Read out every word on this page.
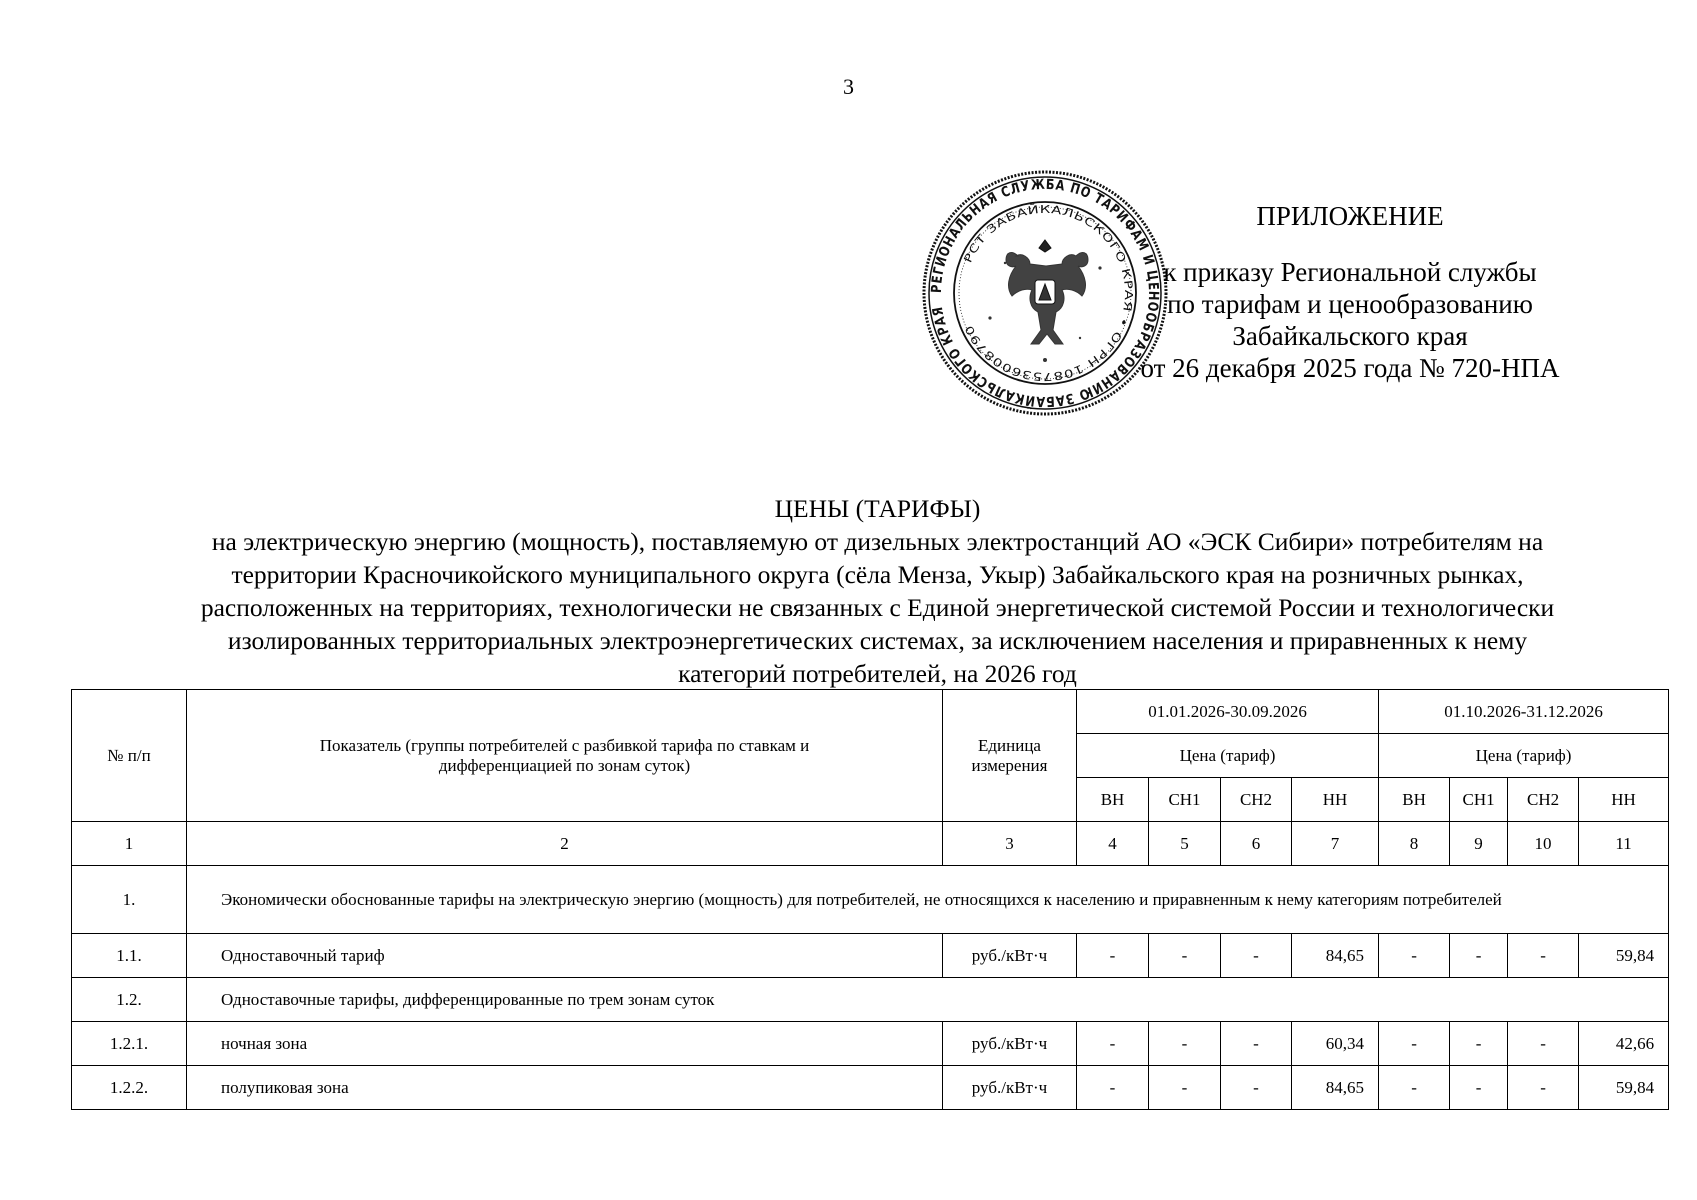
3
РЕГИОНАЛЬНАЯ СЛУЖБА ПО ТАРИФАМ И ЦЕНООБРАЗОВАНИЮ ЗАБАЙКАЛЬСКОГО КРАЯ
РСТ ЗАБАЙКАЛЬСКОГО КРАЯ • ОГРН 1087536008790
ПРИЛОЖЕНИЕ
к приказу Региональной службы
по тарифам и ценообразованию
Забайкальского края
от 26 декабря 2025 года № 720-НПА
ЦЕНЫ (ТАРИФЫ)
на электрическую энергию (мощность), поставляемую от дизельных электростанций АО «ЭСК Сибири» потребителям на
территории Красночикойского муниципального округа (сёла Менза, Укыр) Забайкальского края на розничных рынках,
расположенных на территориях, технологически не связанных с Единой энергетической системой России и технологически
изолированных территориальных электроэнергетических системах, за исключением населения и приравненных к нему
категорий потребителей, на 2026 год
№ п/п	Показатель (группы потребителей с разбивкой тарифа по ставкам и дифференциацией по зонам суток)	Единица измерения	01.01.2026-30.09.2026				01.10.2026-31.12.2026			
			Цена (тариф)				Цена (тариф)			
			ВН	СН1	СН2	НН	ВН	СН1	СН2	НН
1	2	3	4	5	6	7	8	9	10	11
1.	Экономически обоснованные тарифы на электрическую энергию (мощность) для потребителей, не относящихся к населению и приравненным к нему категориям потребителей									
1.1.	Одноставочный тариф	руб./кВт·ч	-	-	-	84,65	-	-	-	59,84
1.2.	Одноставочные тарифы, дифференцированные по трем зонам суток									
1.2.1.	ночная зона	руб./кВт·ч	-	-	-	60,34	-	-	-	42,66
1.2.2.	полупиковая зона	руб./кВт·ч	-	-	-	84,65	-	-	-	59,84
